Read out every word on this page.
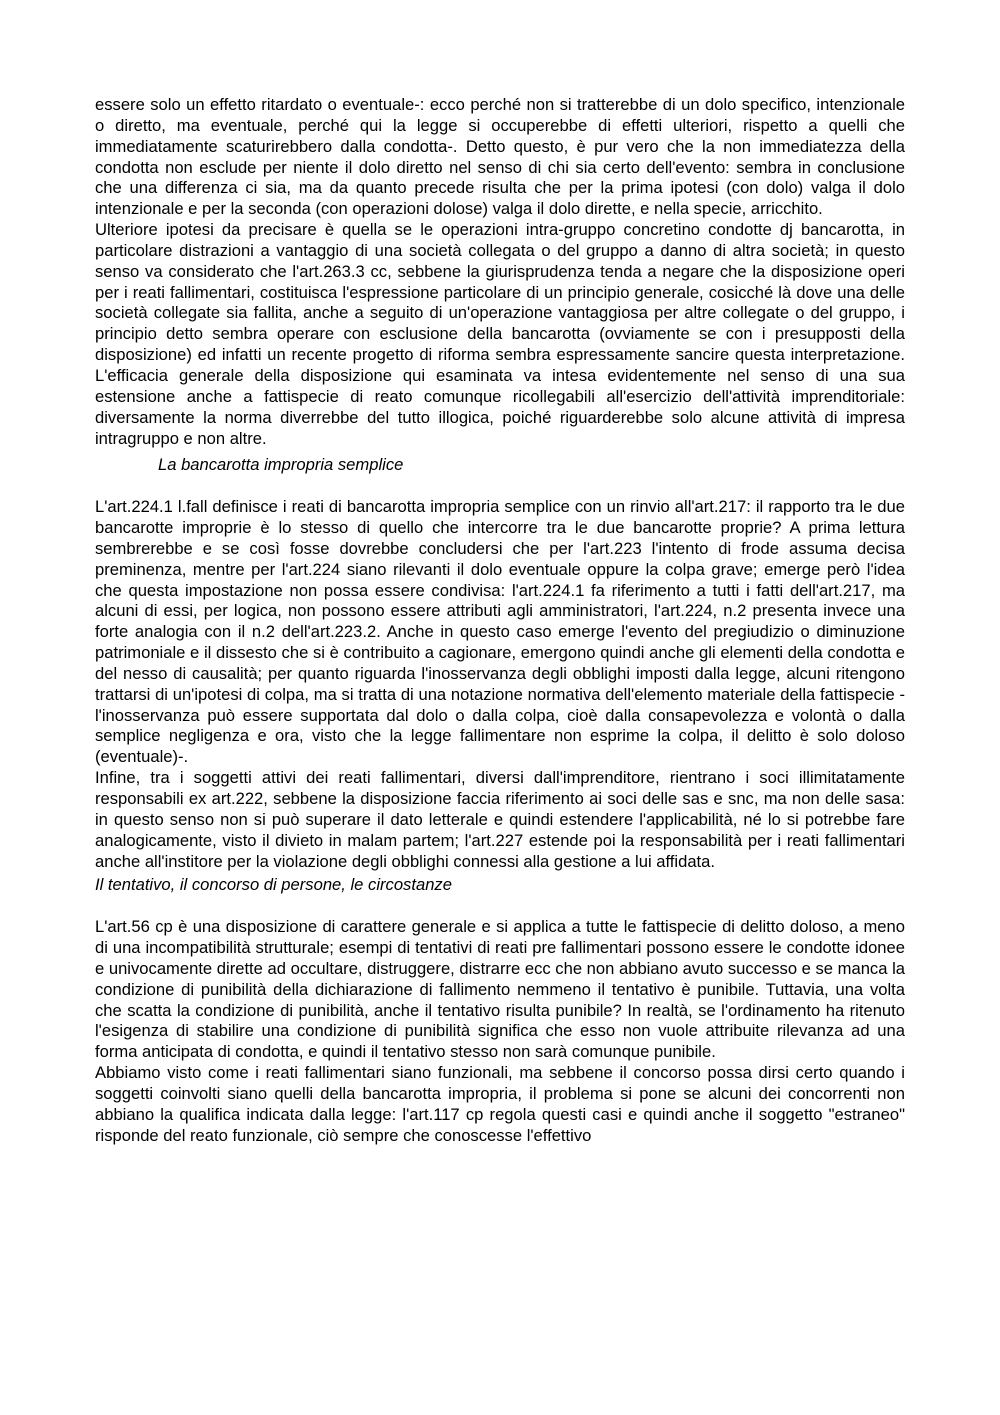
essere solo un effetto ritardato o eventuale-: ecco perché non si tratterebbe di un dolo specifico, intenzionale o diretto, ma eventuale, perché qui la legge si occuperebbe di effetti ulteriori, rispetto a quelli che immediatamente scaturirebbero dalla condotta-. Detto questo, è pur vero che la non immediatezza della condotta non esclude per niente il dolo diretto nel senso di chi sia certo dell'evento: sembra in conclusione che una differenza ci sia, ma da quanto precede risulta che per la prima ipotesi (con dolo) valga il dolo intenzionale e per la seconda (con operazioni dolose) valga il dolo direttе, e nella specie, arricchito.

Ulteriore ipotesi da precisare è quella se le operazioni intra-gruppo concretino condotte dj bancarotta, in particolare distrazioni a vantaggio di una società collegata o del gruppo a danno di altra società; in questo senso va considerato che l'art.263.3 cc, sebbene la giurisprudenza tenda a negare che la disposizione operi per i reati fallimentari, costituisca l'espressione particolare di un principio generale, cosicché là dove una delle società collegate sia fallita, anche a seguito di un'operazione vantaggiosa per altre collegate o del gruppo, i principio detto sembra operare con esclusione della bancarotta (ovviamente se con i presupposti della disposizione) ed infatti un recente progetto di riforma sembra espressamente sancire questa interpretazione. L'efficacia generale della disposizione qui esaminata va intesa evidentemente nel senso di una sua estensione anche a fattispecie di reato comunque ricollegabili all'esercizio dell'attività imprenditoriale: diversamente la norma diverrebbe del tutto illogica, poiché riguarderebbe solo alcune attività di impresa intragruppo e non altre.

La bancarotta impropria semplice

L'art.224.1 l.fall definisce i reati di bancarotta impropria semplice con un rinvio all'art.217: il rapporto tra le due bancarotte improprie è lo stesso di quello che intercorre tra le due bancarotte proprie? A prima lettura sembrerebbe e se così fosse dovrebbe concludersi che per l'art.223 l'intento di frode assuma decisa preminenza, mentre per l'art.224 siano rilevanti il dolo eventuale oppure la colpa grave; emerge però l'idea che questa impostazione non possa essere condivisa: l'art.224.1 fa riferimento a tutti i fatti dell'art.217, ma alcuni di essi, per logica, non possono essere attributi agli amministratori, l'art.224, n.2 presenta invece una forte analogia con il n.2 dell'art.223.2. Anche in questo caso emerge l'evento del pregiudizio o diminuzione patrimoniale e il dissesto che si è contribuito a cagionare, emergono quindi anche gli elementi della condotta e del nesso di causalità; per quanto riguarda l'inosservanza degli obblighi imposti dalla legge, alcuni ritengono trattarsi di un'ipotesi di colpa, ma si tratta di una notazione normativa dell'elemento materiale della fattispecie -l'inosservanza può essere supportata dal dolo o dalla colpa, cioè dalla consapevolezza e volontà o dalla semplice negligenza e ora, visto che la legge fallimentare non esprime la colpa, il delitto è solo doloso (eventuale)-.

Infine, tra i soggetti attivi dei reati fallimentari, diversi dall'imprenditore, rientrano i soci illimitatamente responsabili ex art.222, sebbene la disposizione faccia riferimento ai soci delle sas e snc, ma non delle sasa: in questo senso non si può superare il dato letterale e quindi estendere l'applicabilità, né lo si potrebbe fare analogicamente, visto il divieto in malam partem; l'art.227 estende poi la responsabilità per i reati fallimentari anche all'institore per la violazione degli obblighi connessi alla gestione a lui affidata.

Il tentativo, il concorso di persone, le circostanze

L'art.56 cp è una disposizione di carattere generale e si applica a tutte le fattispecie di delitto doloso, a meno di una incompatibilità strutturale; esempi di tentativi di reati pre fallimentari possono essere le condotte idonee e univocamente dirette ad occultare, distruggere, distrarre ecc che non abbiano avuto successo e se manca la condizione di punibilità della dichiarazione di fallimento nemmeno il tentativo è punibile. Tuttavia, una volta che scatta la condizione di punibilità, anche il tentativo risulta punibile? In realtà, se l'ordinamento ha ritenuto l'esigenza di stabilire una condizione di punibilità significa che esso non vuole attribuite rilevanza ad una forma anticipata di condotta, e quindi il tentativo stesso non sarà comunque punibile.

Abbiamo visto come i reati fallimentari siano funzionali, ma sebbene il concorso possa dirsi certo quando i soggetti coinvolti siano quelli della bancarotta impropria, il problema si pone se alcuni dei concorrenti non abbiano la qualifica indicata dalla legge: l'art.117 cp regola questi casi e quindi anche il soggetto "estraneo" risponde del reato funzionale, ciò sempre che conoscesse l'effettivo
